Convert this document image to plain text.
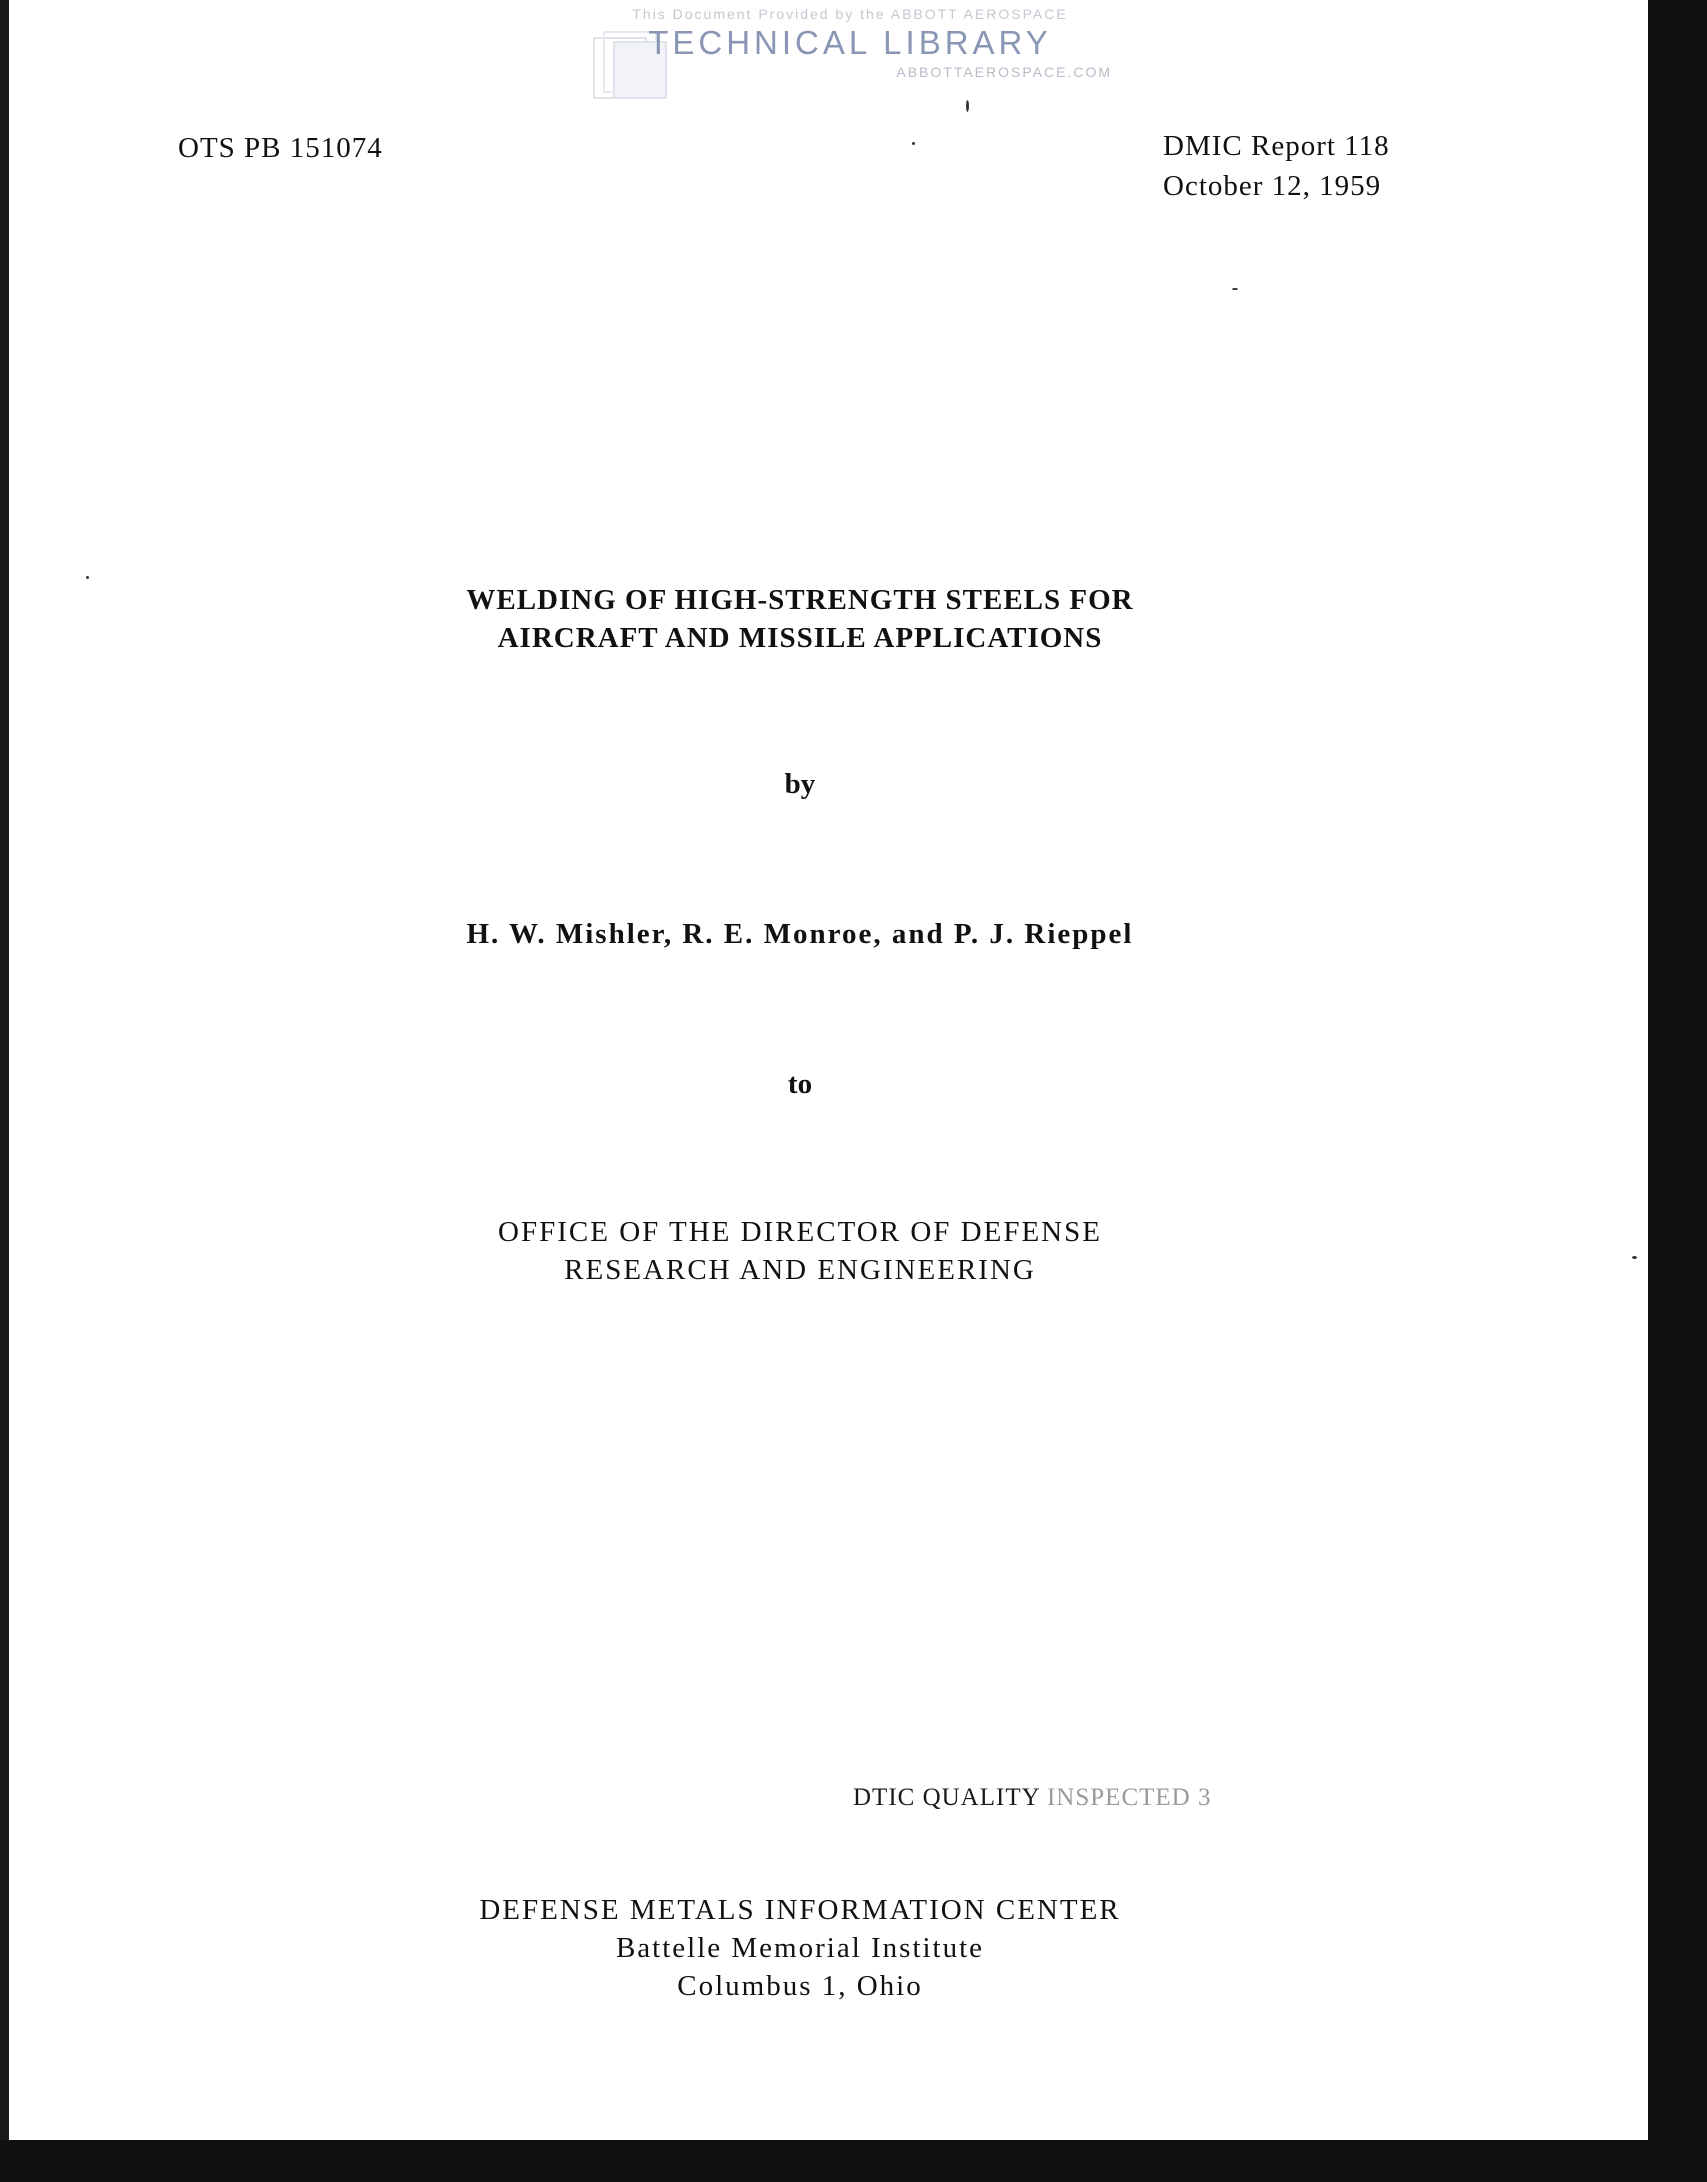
This Document Provided by the ABBOTT AEROSPACE
TECHNICAL LIBRARY
ABBOTTAEROSPACE.COM
OTS PB 151074	DMIC Report 118
October 12, 1959
WELDING OF HIGH-STRENGTH STEELS FOR
AIRCRAFT AND MISSILE APPLICATIONS
by
H. W. Mishler, R. E. Monroe, and P. J. Rieppel
to
OFFICE OF THE DIRECTOR OF DEFENSE
RESEARCH AND ENGINEERING
DTIC QUALITY INSPECTED 3
DEFENSE METALS INFORMATION CENTER
Battelle Memorial Institute
Columbus 1, Ohio
